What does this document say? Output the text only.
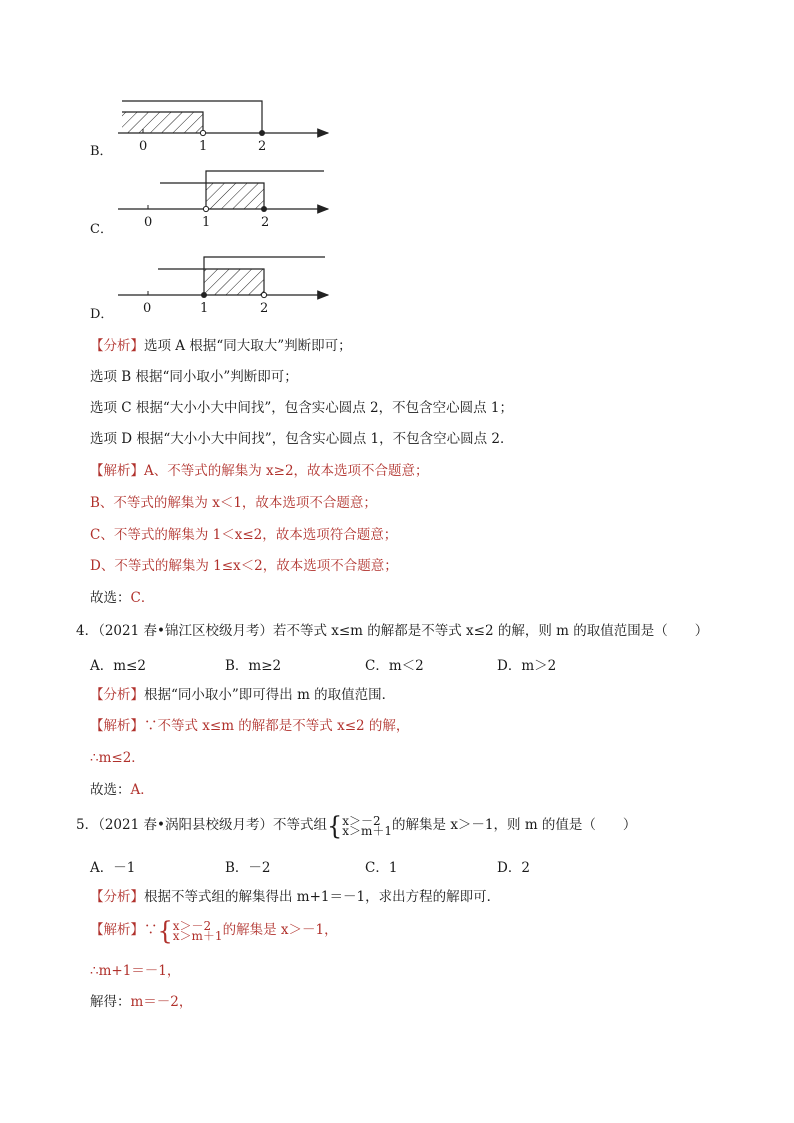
0	1	2
0	1	2
0	1	2
B．
C．
D．
【分析】选项 A 根据“同大取大”判断即可；
选项 B 根据“同小取小”判断即可；
选项 C 根据“大小小大中间找”，包含实心圆点 2，不包含空心圆点 1；
选项 D 根据“大小小大中间找”，包含实心圆点 1，不包含空心圆点 2．
【解析】A、不等式的解集为 x≥2，故本选项不合题意；
B、不等式的解集为 x＜1，故本选项不合题意；
C、不等式的解集为 1＜x≤2，故本选项符合题意；
D、不等式的解集为 1≤x＜2，故本选项不合题意；
故选：C．
4．（2021 春•锦江区校级月考）若不等式 x≤m 的解都是不等式 x≤2 的解，则 m 的取值范围是（　　）
A．m≤2	B．m≥2	C．m＜2	D．m＞2
【分析】根据“同小取小”即可得出 m 的取值范围．
【解析】∵不等式 x≤m 的解都是不等式 x≤2 的解，
∴m≤2．
故选：A．
5．（2021 春•涡阳县校级月考）不等式组{ x＞－2
x＞m＋1 的解集是 x＞－1，则 m 的值是（　　）
A．－1	B．－2	C．1	D．2
【分析】根据不等式组的解集得出 m+1＝－1，求出方程的解即可．
【解析】∵{ x＞－2
x＞m＋1 的解集是 x＞－1，
∴m+1＝－1，
解得：m＝－2，
